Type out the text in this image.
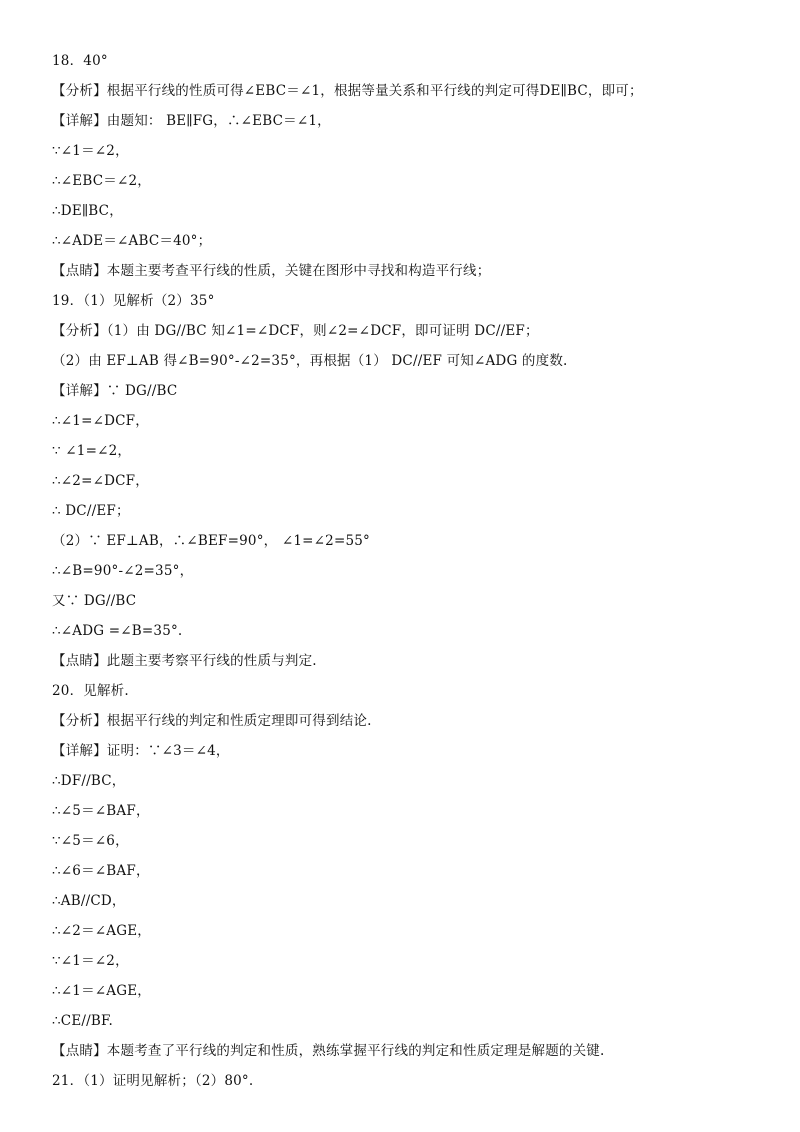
18．40°
【分析】根据平行线的性质可得∠EBC＝∠1，根据等量关系和平行线的判定可得DE∥BC，即可；
【详解】由题知： BE∥FG，∴∠EBC＝∠1，
∵∠1＝∠2，
∴∠EBC＝∠2，
∴DE∥BC，
∴∠ADE＝∠ABC＝40°；
【点睛】本题主要考查平行线的性质，关键在图形中寻找和构造平行线；
19．（1）见解析（2）35°
【分析】（1）由 DG//BC 知∠1=∠DCF，则∠2=∠DCF，即可证明 DC//EF；
（2）由 EF⊥AB 得∠B=90°-∠2=35°，再根据（1） DC//EF 可知∠ADG 的度数.
【详解】∵ DG//BC
∴∠1=∠DCF，
∵ ∠1=∠2，
∴∠2=∠DCF，
∴ DC//EF；
（2）∵ EF⊥AB，∴∠BEF=90°， ∠1=∠2=55°
∴∠B=90°-∠2=35°，
又∵ DG//BC
∴∠ADG =∠B=35°.
【点睛】此题主要考察平行线的性质与判定.
20．见解析.
【分析】根据平行线的判定和性质定理即可得到结论.
【详解】证明：∵∠3＝∠4，
∴DF//BC，
∴∠5＝∠BAF，
∵∠5＝∠6，
∴∠6＝∠BAF，
∴AB//CD，
∴∠2＝∠AGE，
∵∠1＝∠2，
∴∠1＝∠AGE，
∴CE//BF.
【点睛】本题考查了平行线的判定和性质，熟练掌握平行线的判定和性质定理是解题的关键.
21．（1）证明见解析；（2）80°.
